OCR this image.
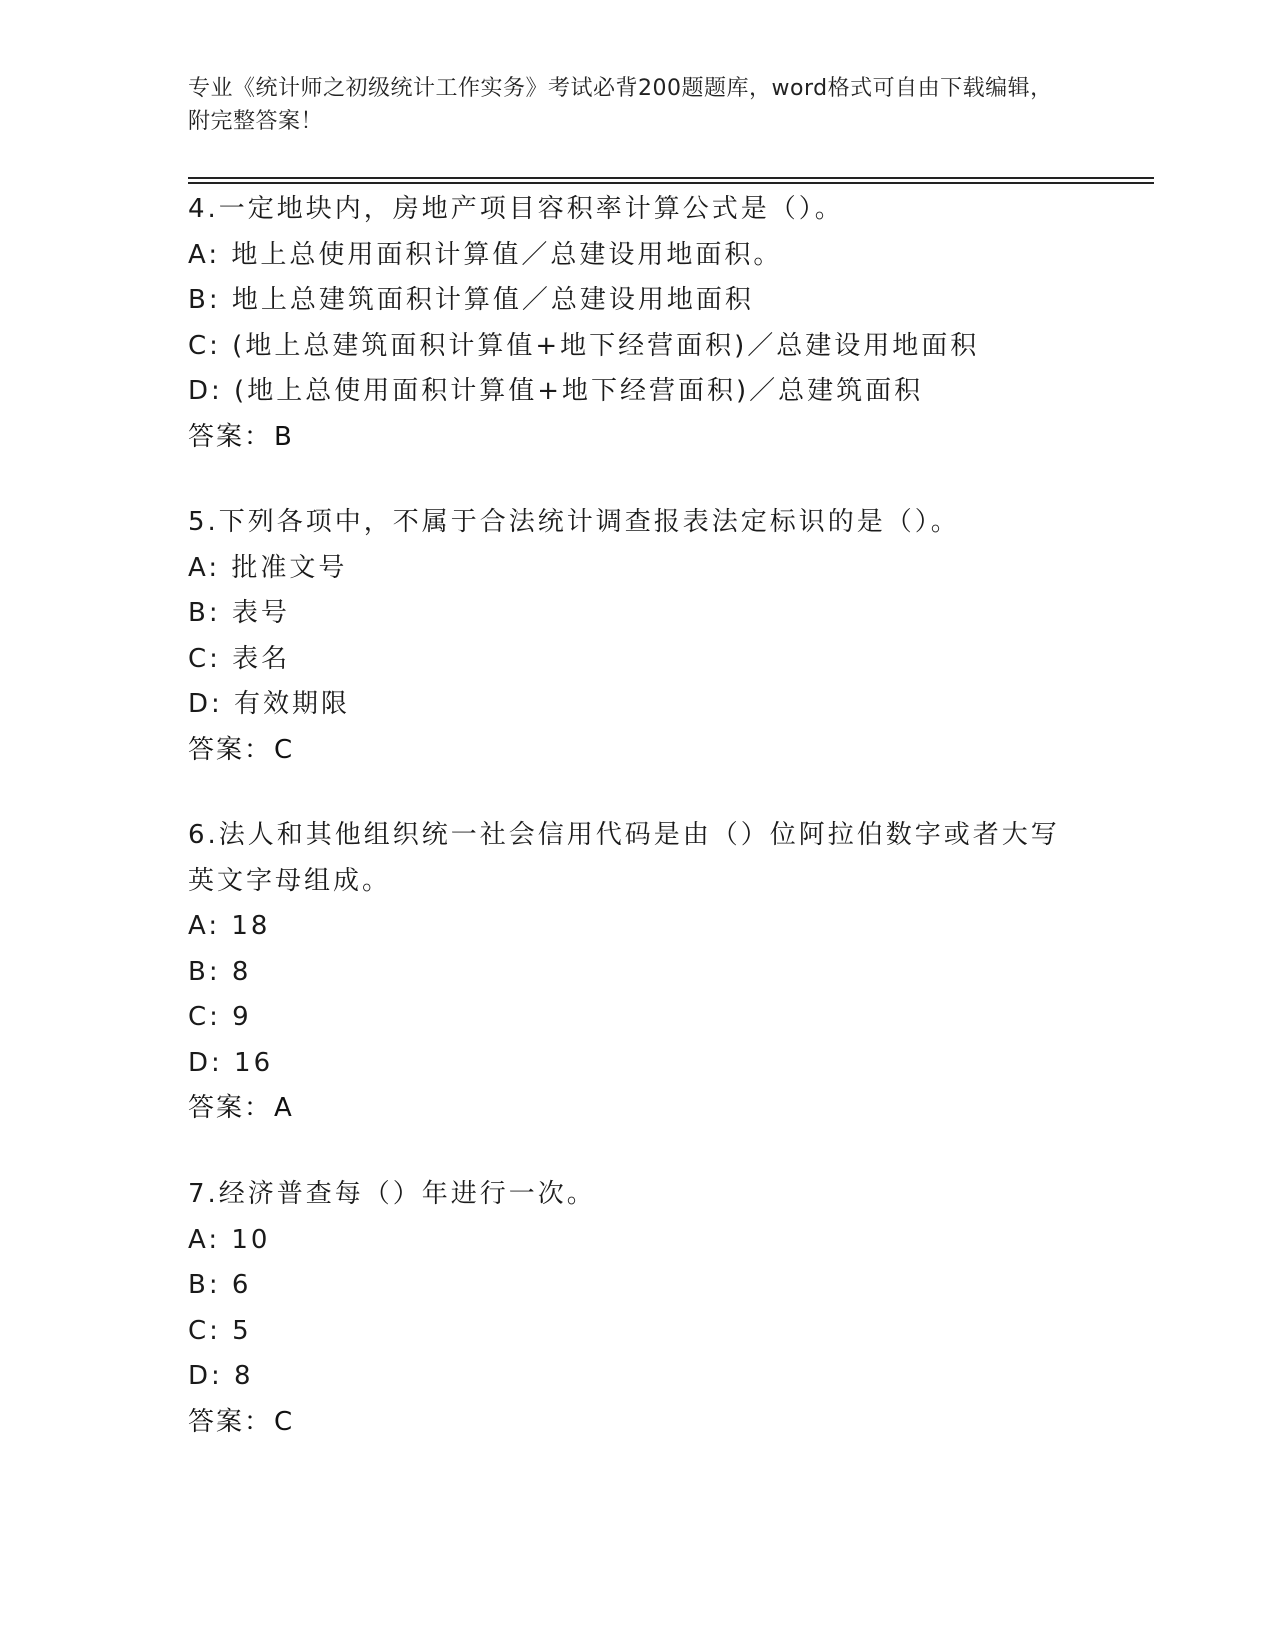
专业《统计师之初级统计工作实务》考试必背200题题库，word格式可自由下载编辑，附完整答案！
4.一定地块内，房地产项目容积率计算公式是（）。
A: 地上总使用面积计算值／总建设用地面积。
B: 地上总建筑面积计算值／总建设用地面积
C: (地上总建筑面积计算值+地下经营面积)／总建设用地面积
D: (地上总使用面积计算值+地下经营面积)／总建筑面积
答案：B
5.下列各项中，不属于合法统计调查报表法定标识的是（）。
A: 批准文号
B: 表号
C: 表名
D: 有效期限
答案：C
6.法人和其他组织统一社会信用代码是由（）位阿拉伯数字或者大写英文字母组成。
A: 18
B: 8
C: 9
D: 16
答案：A
7.经济普查每（）年进行一次。
A: 10
B: 6
C: 5
D: 8
答案：C
